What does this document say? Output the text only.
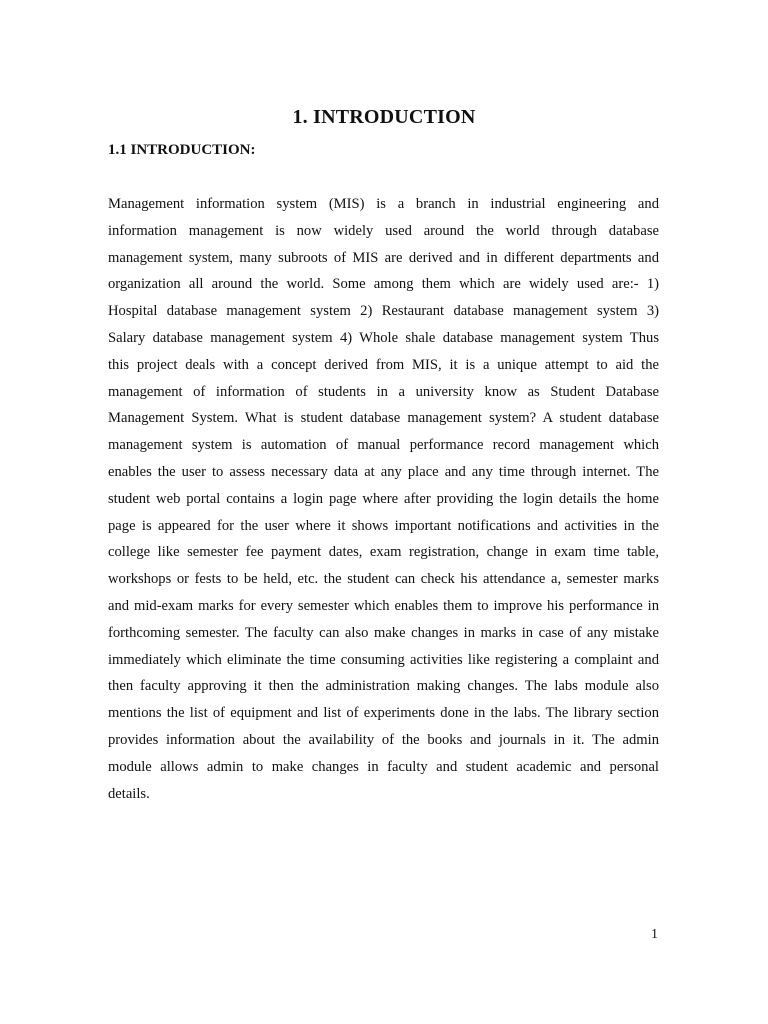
1. INTRODUCTION
1.1 INTRODUCTION:
Management information system (MIS) is a branch in industrial engineering and
information management is now widely used around the world through database
management system, many subroots of MIS are derived and in different departments and
organization all around the world. Some among them which are widely used are:- 1)
Hospital database management system 2) Restaurant database management system 3)
Salary database management system 4) Whole shale database management system Thus
this project deals with a concept derived from MIS, it is a unique attempt to aid the
management of information of students in a university know as Student Database
Management System. What is student database management system? A student database
management system is automation of manual performance record management which
enables the user to assess necessary data at any place and any time through internet. The
student web portal contains a login page where after providing the login details the home
page is appeared for the user where it shows important notifications and activities in the
college like semester fee payment dates, exam registration, change in exam time table,
workshops or fests to be held, etc. the student can check his attendance a, semester marks
and mid-exam marks for every semester which enables them to improve his performance in
forthcoming semester. The faculty can also make changes in marks in case of any mistake
immediately which eliminate the time consuming activities like registering a complaint and
then faculty approving it then the administration making changes. The labs module also
mentions the list of equipment and list of experiments done in the labs. The library section
provides information about the availability of the books and journals in it. The admin
module allows admin to make changes in faculty and student academic and personal
details.
1
